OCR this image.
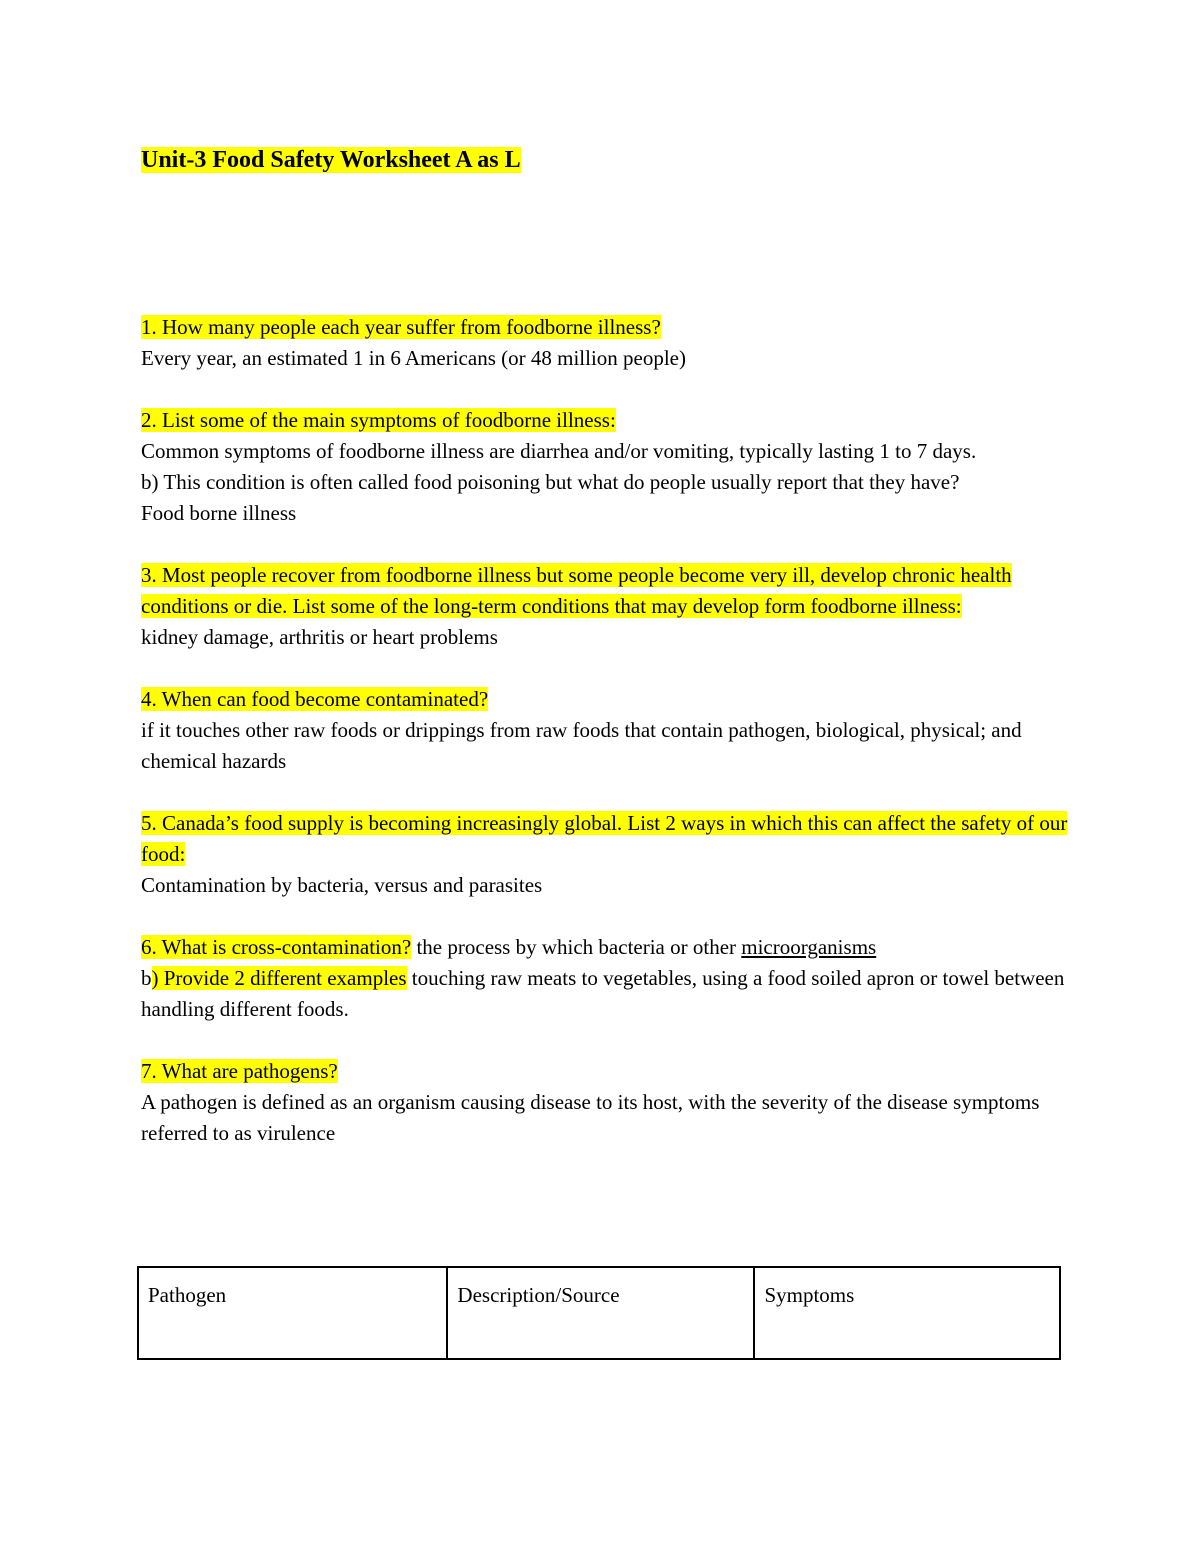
Unit-3 Food Safety Worksheet A as L

1. How many people each year suffer from foodborne illness?

Every year, an estimated 1 in 6 Americans (or 48 million people)

2. List some of the main symptoms of foodborne illness:

Common symptoms of foodborne illness are diarrhea and/or vomiting, typically lasting 1 to 7 days.

b) This condition is often called food poisoning but what do people usually report that they have?

Food borne illness

3. Most people recover from foodborne illness but some people become very ill, develop chronic health conditions or die. List some of the long-term conditions that may develop form foodborne illness:

kidney damage, arthritis or heart problems

4. When can food become contaminated?

if it touches other raw foods or drippings from raw foods that contain pathogen, biological, physical; and chemical hazards

5. Canada’s food supply is becoming increasingly global. List 2 ways in which this can affect the safety of our food:

Contamination by bacteria, versus and parasites

6. What is cross-contamination? the process by which bacteria or other microorganisms

b) Provide 2 different examples touching raw meats to vegetables, using a food soiled apron or towel between handling different foods.

7. What are pathogens?

A pathogen is defined as an organism causing disease to its host, with the severity of the disease symptoms referred to as virulence

Pathogen	Description/Source	Symptoms
